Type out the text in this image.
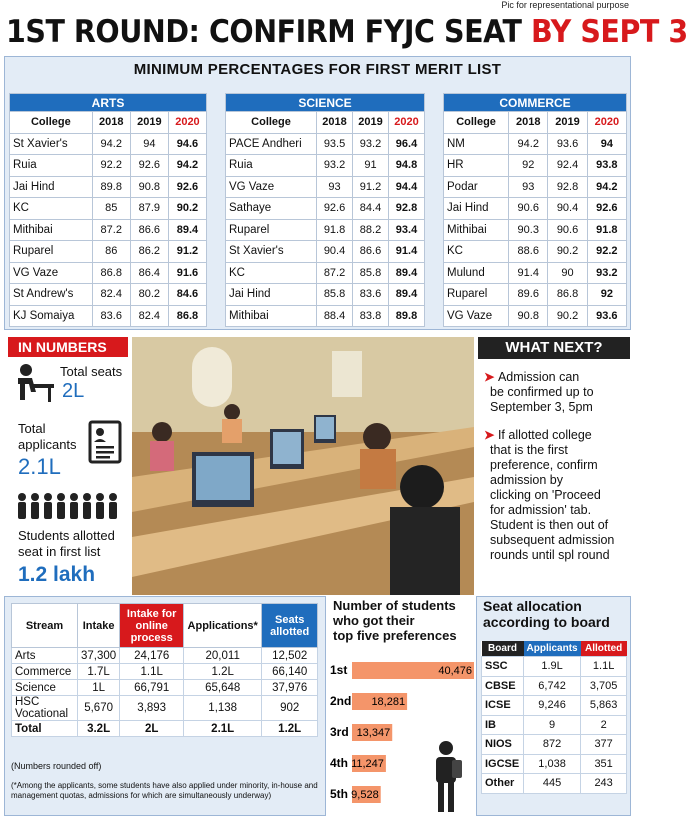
Pic for representational purpose
1ST ROUND: CONFIRM FYJC SEAT BY SEPT 3
MINIMUM PERCENTAGES FOR FIRST MERIT LIST
ARTS			
College	2018	2019	2020
St Xavier's	94.2	94	94.6
Ruia	92.2	92.6	94.2
Jai Hind	89.8	90.8	92.6
KC	85	87.9	90.2
Mithibai	87.2	86.6	89.4
Ruparel	86	86.2	91.2
VG Vaze	86.8	86.4	91.6
St Andrew's	82.4	80.2	84.6
KJ Somaiya	83.6	82.4	86.8
SCIENCE			
College	2018	2019	2020
PACE Andheri	93.5	93.2	96.4
Ruia	93.2	91	94.8
VG Vaze	93	91.2	94.4
Sathaye	92.6	84.4	92.8
Ruparel	91.8	88.2	93.4
St Xavier's	90.4	86.6	91.4
KC	87.2	85.8	89.4
Jai Hind	85.8	83.6	89.4
Mithibai	88.4	83.8	89.8
COMMERCE			
College	2018	2019	2020
NM	94.2	93.6	94
HR	92	92.4	93.8
Podar	93	92.8	94.2
Jai Hind	90.6	90.4	92.6
Mithibai	90.3	90.6	91.8
KC	88.6	90.2	92.2
Mulund	91.4	90	93.2
Ruparel	89.6	86.8	92
VG Vaze	90.8	90.2	93.6
IN NUMBERS
Total seats
2L
Total
applicants
2.1L
Students allotted
seat in first list
1.2 lakh
WHAT NEXT?
➤ Admission can
be confirmed up to
September 3, 5pm
➤ If allotted college
that is the first
preference, confirm
admission by
clicking on 'Proceed
for admission' tab.
Student is then out of
subsequent admission
rounds until spl round
Stream	Intake	Intake for online process	Applications*	Seats allotted
Arts	37,300	24,176	20,011	12,502
Commerce	1.7L	1.1L	1.2L	66,140
Science	1L	66,791	65,648	37,976
HSC Vocational	5,670	3,893	1,138	902
Total	3.2L	2L	2.1L	1.2L
(Numbers rounded off)
(*Among the applicants, some students have also applied under minority, in-house and management quotas, admissions for which are simultaneously underway)
Number of students
who got their
top five preferences
1st	40,476
2nd 18,281
3rd 13,347
4th 11,247
5th 9,528
Board	Applicants	Allotted
SSC	1.9L	1.1L
CBSE	6,742	3,705
ICSE	9,246	5,863
IB	9	2
NIOS	872	377
IGCSE	1,038	351
Other	445	243
Seat allocation
according to board
